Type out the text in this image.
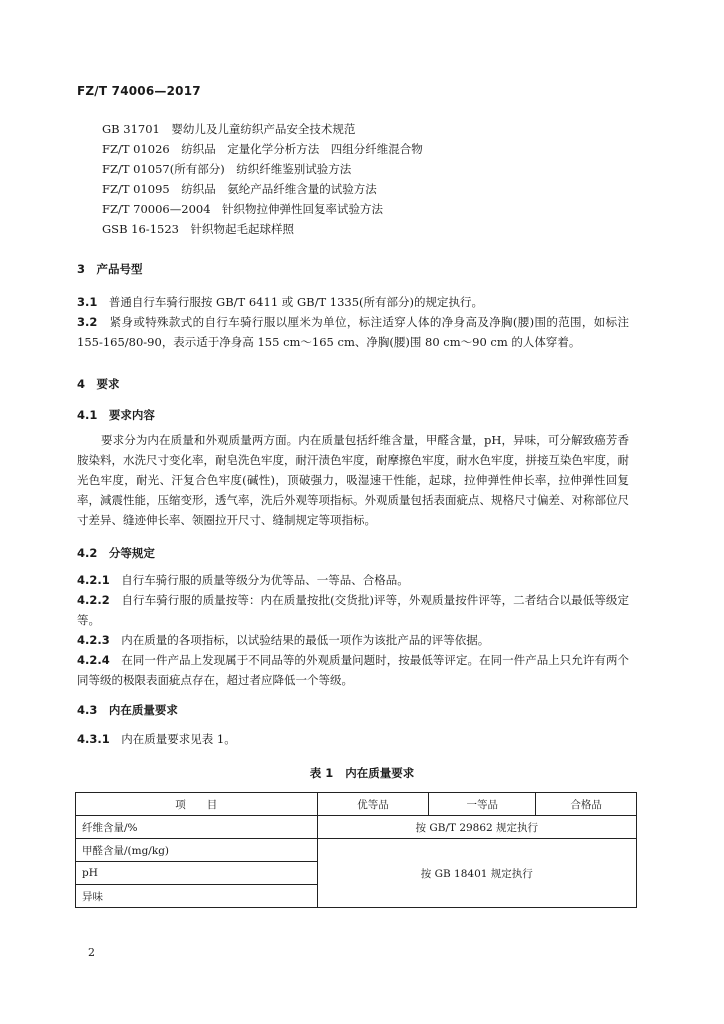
FZ/T 74006—2017
GB 31701　 婴幼儿及儿童纺织产品安全技术规范
FZ/T 01026　 纺织品　定量化学分析方法　四组分纤维混合物
FZ/T 01057(所有部分)　 纺织纤维鉴别试验方法
FZ/T 01095　 纺织品　氨纶产品纤维含量的试验方法
FZ/T 70006—2004　 针织物拉伸弹性回复率试验方法
GSB 16-1523　 针织物起毛起球样照
3　 产品号型
3.1　 普通自行车骑行服按 GB/T 6411 或 GB/T 1335(所有部分)的规定执行。
3.2　 紧身或特殊款式的自行车骑行服以厘米为单位，标注适穿人体的净身高及净胸(腰)围的范围，如标注 155-165/80-90，表示适于净身高 155 cm～165 cm、净胸(腰)围 80 cm～90 cm 的人体穿着。
4　 要求
4.1　 要求内容
要求分为内在质量和外观质量两方面。内在质量包括纤维含量，甲醛含量，pH，异味，可分解致癌芳香胺染料，水洗尺寸变化率，耐皂洗色牢度，耐汗渍色牢度，耐摩擦色牢度，耐水色牢度，拼接互染色牢度，耐光色牢度，耐光、汗复合色牢度(碱性)，顶破强力，吸湿速干性能，起球，拉伸弹性伸长率，拉伸弹性回复率，減震性能，压缩变形，透气率，洗后外观等项指标。外观质量包括表面疵点、规格尺寸偏差、对称部位尺寸差异、缝迹伸长率、领圈拉开尺寸、缝制规定等项指标。
4.2　 分等规定
4.2.1　 自行车骑行服的质量等级分为优等品、一等品、合格品。
4.2.2　 自行车骑行服的质量按等：内在质量按批(交货批)评等，外观质量按件评等，二者结合以最低等级定等。
4.2.3　 内在质量的各项指标，以试验结果的最低一项作为该批产品的评等依据。
4.2.4　 在同一件产品上发现属于不同品等的外观质量问题时，按最低等评定。在同一件产品上只允许有两个同等级的极限表面疵点存在，超过者应降低一个等级。
4.3　 内在质量要求
4.3.1　 内在质量要求见表 1。
表 1 内在质量要求
项　　目	优等品	一等品	合格品
纤维含量/%	按 GB/T 29862 规定执行		
甲醛含量/(mg/kg)	按 GB 18401 规定执行		
pH			
异味			
2
